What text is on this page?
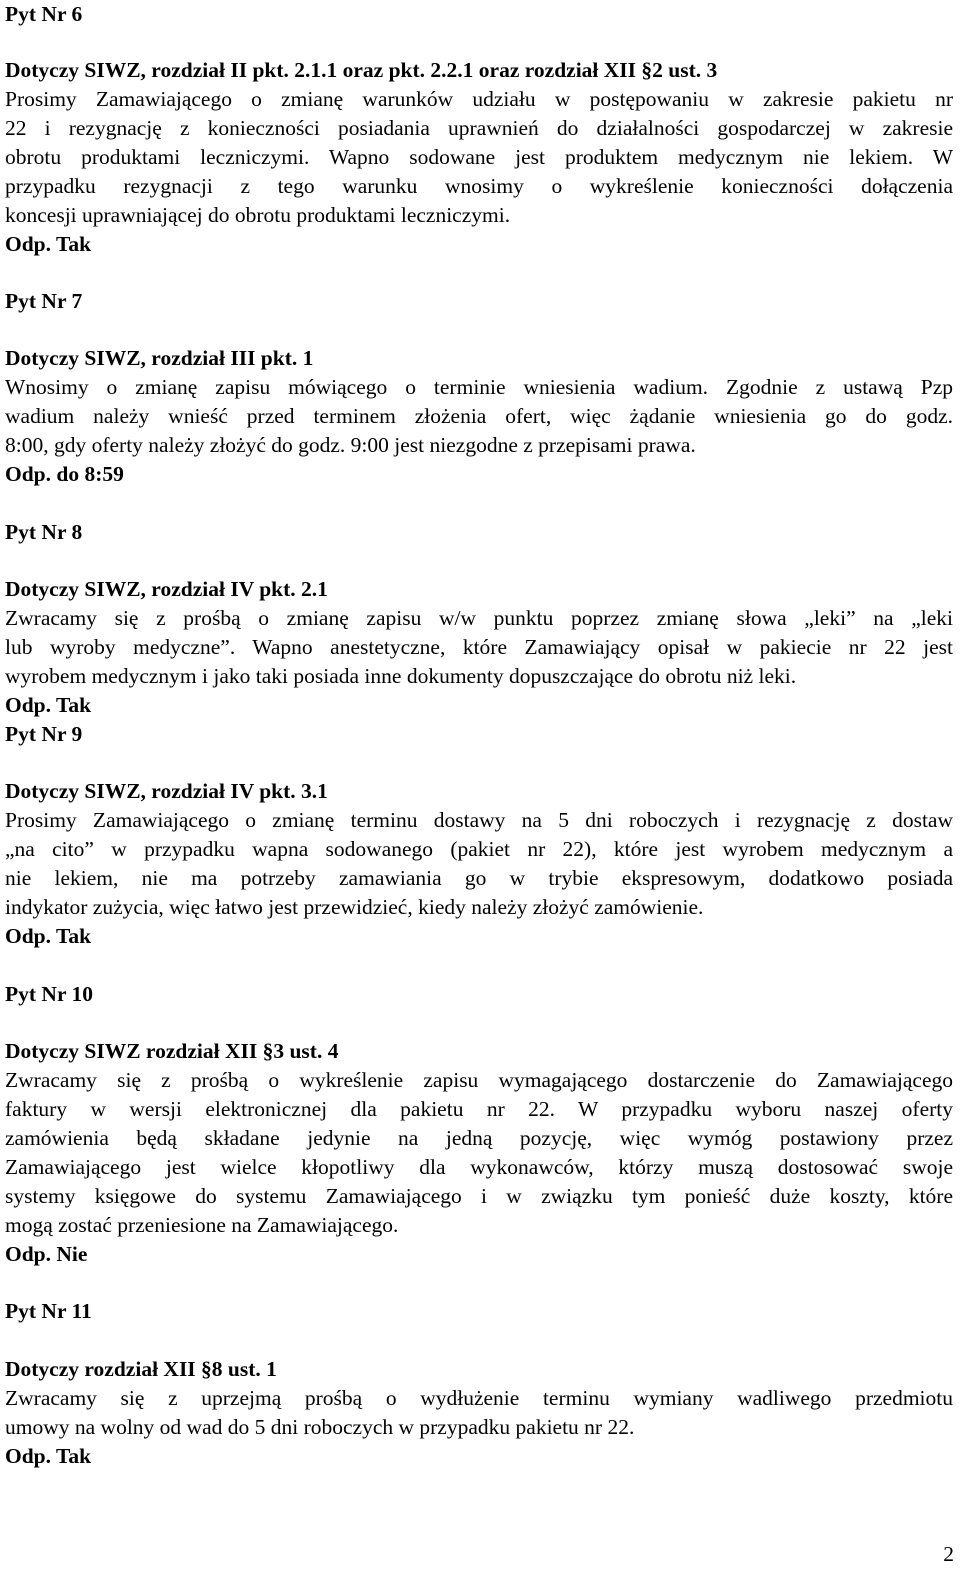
Pyt Nr 6
Dotyczy SIWZ, rozdział II pkt. 2.1.1 oraz pkt. 2.2.1 oraz rozdział XII §2 ust. 3
Prosimy Zamawiającego o zmianę warunków udziału w postępowaniu w zakresie pakietu nr
22 i rezygnację z konieczności posiadania uprawnień do działalności gospodarczej w zakresie
obrotu produktami leczniczymi. Wapno sodowane jest produktem medycznym nie lekiem. W
przypadku rezygnacji z tego warunku wnosimy o wykreślenie konieczności dołączenia
koncesji uprawniającej do obrotu produktami leczniczymi.
Odp. Tak
Pyt Nr 7
Dotyczy SIWZ, rozdział III pkt. 1
Wnosimy o zmianę zapisu mówiącego o terminie wniesienia wadium. Zgodnie z ustawą Pzp
wadium należy wnieść przed terminem złożenia ofert, więc żądanie wniesienia go do godz.
8:00, gdy oferty należy złożyć do godz. 9:00 jest niezgodne z przepisami prawa.
Odp. do 8:59
Pyt Nr 8
Dotyczy SIWZ, rozdział IV pkt. 2.1
Zwracamy się z prośbą o zmianę zapisu w/w punktu poprzez zmianę słowa „leki” na „leki
lub wyroby medyczne”. Wapno anestetyczne, które Zamawiający opisał w pakiecie nr 22 jest
wyrobem medycznym i jako taki posiada inne dokumenty dopuszczające do obrotu niż leki.
Odp. Tak
Pyt Nr 9
Dotyczy SIWZ, rozdział IV pkt. 3.1
Prosimy Zamawiającego o zmianę terminu dostawy na 5 dni roboczych i rezygnację z dostaw
„na cito” w przypadku wapna sodowanego (pakiet nr 22), które jest wyrobem medycznym a
nie lekiem, nie ma potrzeby zamawiania go w trybie ekspresowym, dodatkowo posiada
indykator zużycia, więc łatwo jest przewidzieć, kiedy należy złożyć zamówienie.
Odp. Tak
Pyt Nr 10
Dotyczy SIWZ rozdział XII §3 ust. 4
Zwracamy się z prośbą o wykreślenie zapisu wymagającego dostarczenie do Zamawiającego
faktury w wersji elektronicznej dla pakietu nr 22. W przypadku wyboru naszej oferty
zamówienia będą składane jedynie na jedną pozycję, więc wymóg postawiony przez
Zamawiającego jest wielce kłopotliwy dla wykonawców, którzy muszą dostosować swoje
systemy księgowe do systemu Zamawiającego i w związku tym ponieść duże koszty, które
mogą zostać przeniesione na Zamawiającego.
Odp. Nie
Pyt Nr 11
Dotyczy rozdział XII §8 ust. 1
Zwracamy się z uprzejmą prośbą o wydłużenie terminu wymiany wadliwego przedmiotu
umowy na wolny od wad do 5 dni roboczych w przypadku pakietu nr 22.
Odp. Tak
2
